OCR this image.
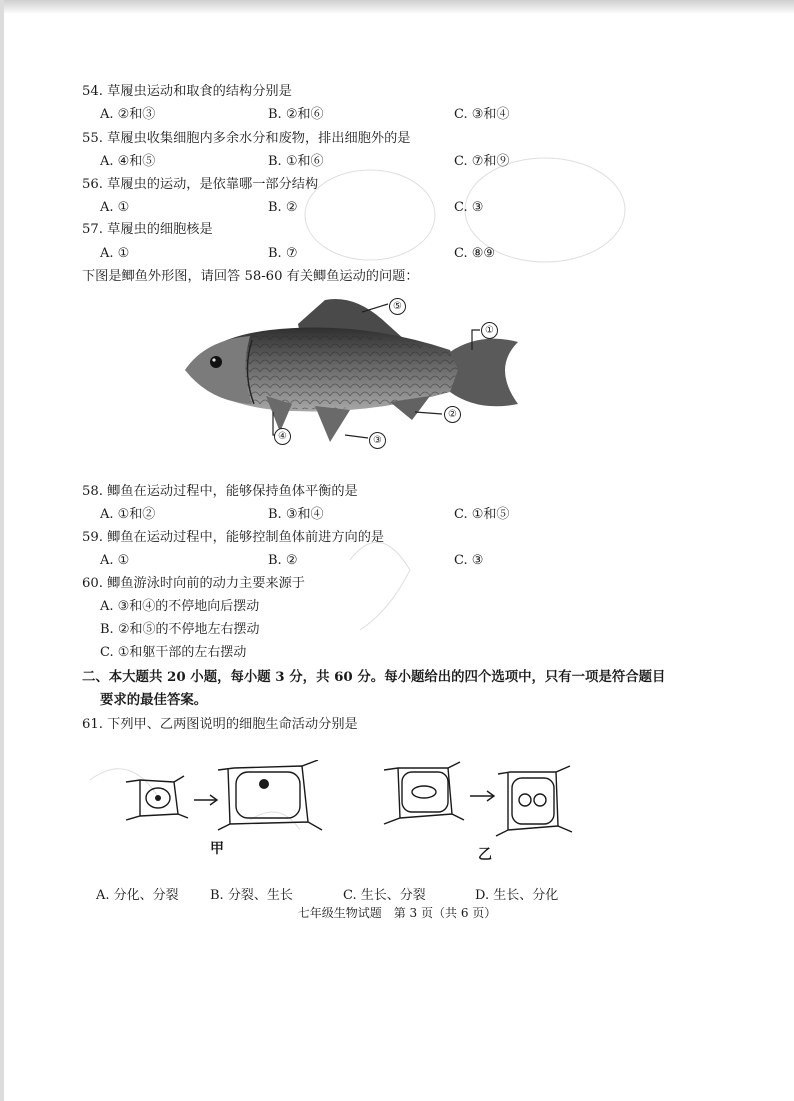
54. 草履虫运动和取食的结构分别是
A. ②和③	B. ②和⑥	C. ③和④
55. 草履虫收集细胞内多余水分和废物，排出细胞外的是
A. ④和⑤	B. ①和⑥	C. ⑦和⑨
56. 草履虫的运动，是依靠哪一部分结构
A. ①	B. ②	C. ③
57. 草履虫的细胞核是
A. ①	B. ⑦	C. ⑧⑨
下图是鲫鱼外形图，请回答 58-60 有关鲫鱼运动的问题：
⑤
①
②
③
④
58. 鲫鱼在运动过程中，能够保持鱼体平衡的是
A. ①和②	B. ③和④	C. ①和⑤
59. 鲫鱼在运动过程中，能够控制鱼体前进方向的是
A. ①	B. ②	C. ③
60. 鲫鱼游泳时向前的动力主要来源于
A. ③和④的不停地向后摆动
B. ②和⑤的不停地左右摆动
C. ①和躯干部的左右摆动
二、本大题共 20 小题，每小题 3 分，共 60 分。每小题给出的四个选项中，只有一项是符合题目
要求的最佳答案。
61. 下列甲、乙两图说明的细胞生命活动分别是
甲	乙
A. 分化、分裂 B. 分裂、生长	C. 生长、分裂	D. 生长、分化
七年级生物试题　第 3 页（共 6 页）
